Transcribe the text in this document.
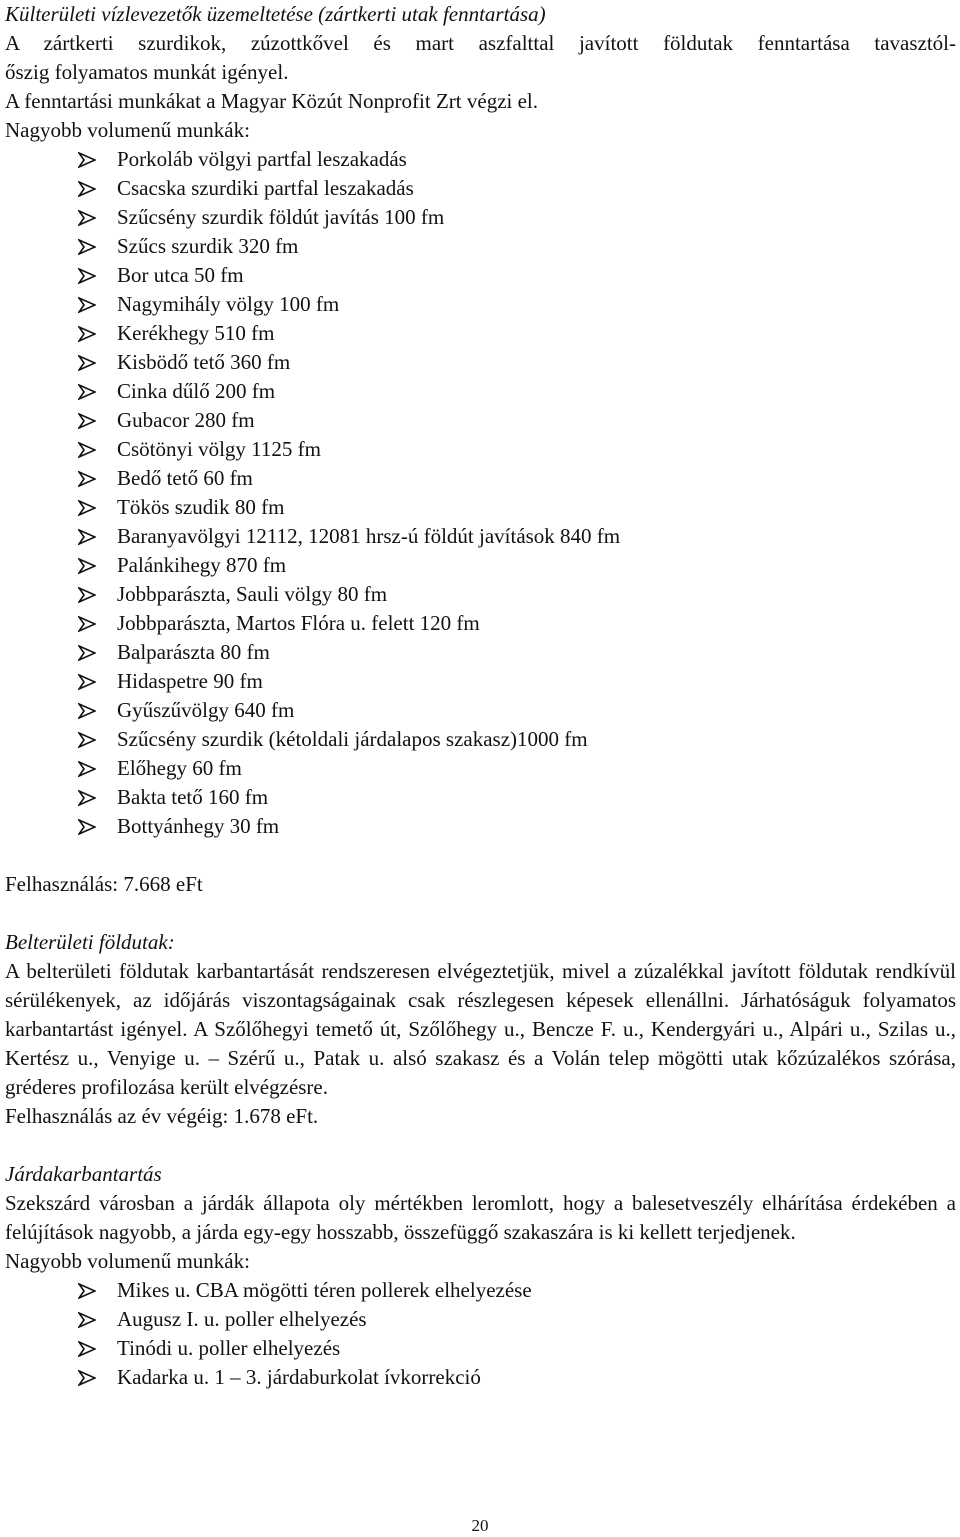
Külterületi vízlevezetők üzemeltetése (zártkerti utak fenntartása)
A zártkerti szurdikok, zúzottkővel és mart aszfalttal javított földutak fenntartása tavasztól-
őszig folyamatos munkát igényel.
A fenntartási munkákat a Magyar Közút Nonprofit Zrt végzi el.
Nagyobb volumenű munkák:
Porkoláb völgyi partfal leszakadás
Csacska szurdiki partfal leszakadás
Szűcsény szurdik földút javítás 100 fm
Szűcs szurdik 320 fm
Bor utca 50 fm
Nagymihály völgy 100 fm
Kerékhegy 510 fm
Kisbödő tető 360 fm
Cinka dűlő 200 fm
Gubacor 280 fm
Csötönyi völgy 1125 fm
Bedő tető 60 fm
Tökös szudik 80 fm
Baranyavölgyi 12112, 12081 hrsz-ú földút javítások 840 fm
Palánkihegy 870 fm
Jobbparászta, Sauli völgy 80 fm
Jobbparászta, Martos Flóra u. felett 120 fm
Balparászta 80 fm
Hidaspetre 90 fm
Gyűszűvölgy 640 fm
Szűcsény szurdik (kétoldali járdalapos szakasz)1000 fm
Előhegy 60 fm
Bakta tető 160 fm
Bottyánhegy 30 fm
Felhasználás: 7.668 eFt
Belterületi földutak:
A belterületi földutak karbantartását rendszeresen elvégeztetjük, mivel a zúzalékkal javított földutak rendkívül sérülékenyek, az időjárás viszontagságainak csak részlegesen képesek ellenállni. Járhatóságuk folyamatos karbantartást igényel. A Szőlőhegyi temető út, Szőlőhegy u., Bencze F. u., Kendergyári u., Alpári u., Szilas u., Kertész u., Venyige u. – Szérű u., Patak u. alsó szakasz és a Volán telep mögötti utak kőzúzalékos szórása, gréderes profilozása került elvégzésre.
Felhasználás az év végéig: 1.678 eFt.
Járdakarbantartás
Szekszárd városban a járdák állapota oly mértékben leromlott, hogy a balesetveszély elhárítása érdekében a felújítások nagyobb, a járda egy-egy hosszabb, összefüggő szakaszára is ki kellett terjedjenek.
Nagyobb volumenű munkák:
Mikes u. CBA mögötti téren pollerek elhelyezése
Augusz I. u. poller elhelyezés
Tinódi u. poller elhelyezés
Kadarka u. 1 – 3. járdaburkolat ívkorrekció
20
